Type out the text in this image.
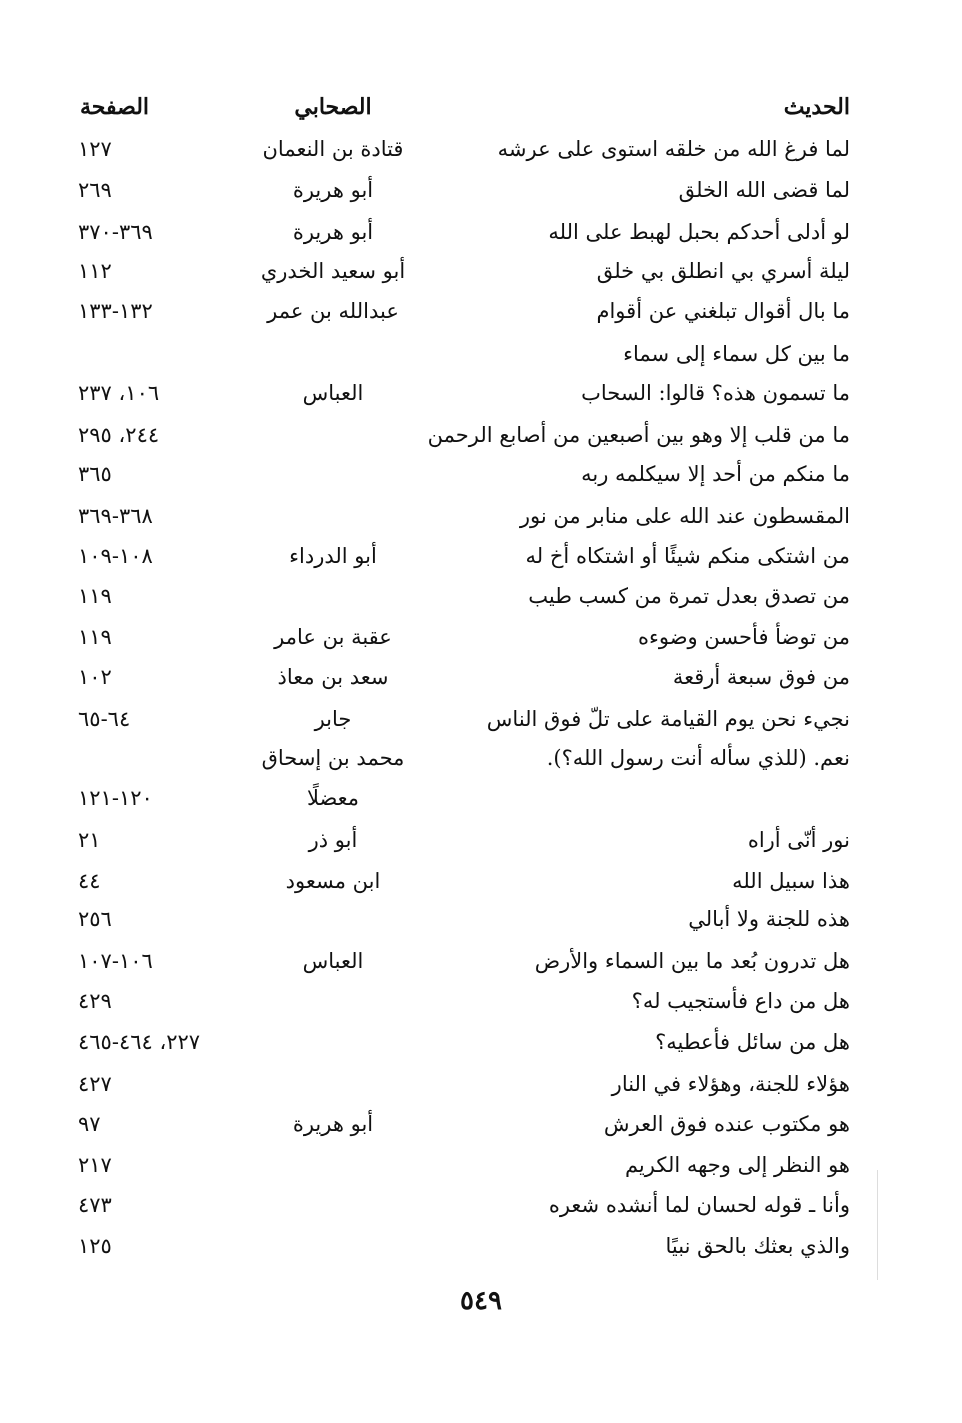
الحديث
الصحابي
الصفحة
لما فرغ الله من خلقه استوى على عرشه
قتادة بن النعمان
١٢٧
لما قضى الله الخلق
أبو هريرة
٢٦٩
لو أدلى أحدكم بحبل لهبط على الله
أبو هريرة
٣٦٩-٣٧٠
ليلة أسري بي انطلق بي خلق
أبو سعيد الخدري
١١٢
ما بال أقوال تبلغني عن أقوام
عبدالله بن عمر
١٣٢-١٣٣
ما بين كل سماء إلى سماء
ما تسمون هذه؟ قالوا: السحاب
العباس
١٠٦، ٢٣٧
ما من قلب إلا وهو بين أصبعين من أصابع الرحمن
٢٤٤، ٢٩٥
ما منكم من أحد إلا سيكلمه ربه
٣٦٥
المقسطون عند الله على منابر من نور
٣٦٨-٣٦٩
من اشتكى منكم شيئًا أو اشتكاه أخ له
أبو الدرداء
١٠٨-١٠٩
من تصدق بعدل تمرة من كسب طيب
١١٩
من توضأ فأحسن وضوءه
عقبة بن عامر
١١٩
من فوق سبعة أرقعة
سعد بن معاذ
١٠٢
نجيء نحن يوم القيامة على تلّ فوق الناس
جابر
٦٤-٦٥
نعم. (للذي سأله أنت رسول الله؟).
محمد بن إسحاق
معضلًا
١٢٠-١٢١
نور أنّى أراه
أبو ذر
٢١
هذا سبيل الله
ابن مسعود
٤٤
هذه للجنة ولا أبالي
٢٥٦
هل تدرون بُعد ما بين السماء والأرض
العباس
١٠٦-١٠٧
هل من داع فأستجيب له؟
٤٢٩
هل من سائل فأعطيه؟
٢٢٧، ٤٦٤-٤٦٥
هؤلاء للجنة، وهؤلاء في النار
٤٢٧
هو مكتوب عنده فوق العرش
أبو هريرة
٩٧
هو النظر إلى وجهه الكريم
٢١٧
وأنا ـ قوله لحسان لما أنشده شعره
٤٧٣
والذي بعثك بالحق نبيًا
١٢٥
٥٤٩
